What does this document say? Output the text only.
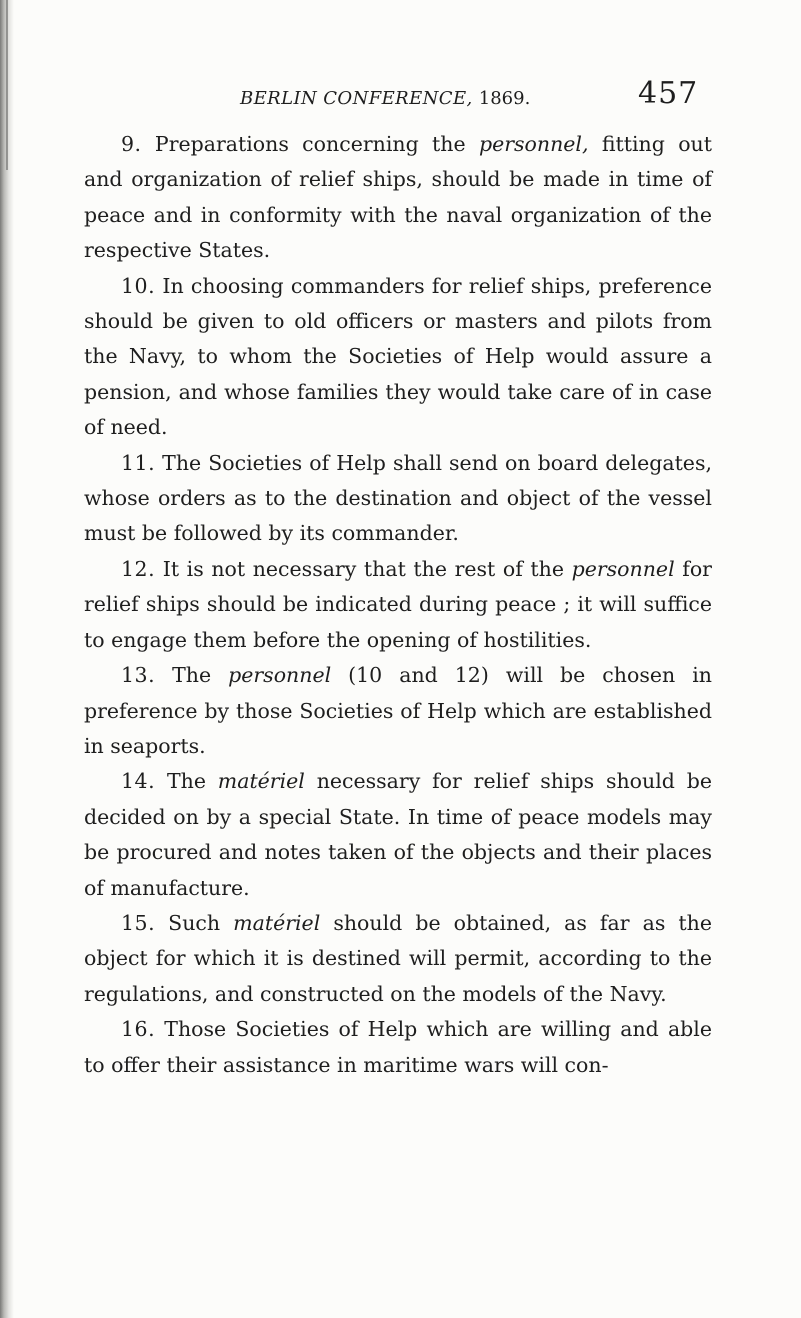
BERLIN CONFERENCE, 1869.	457

9. Preparations concerning the personnel, fitting out and organization of relief ships, should be made in time of peace and in conformity with the naval organization of the respective States.

10. In choosing commanders for relief ships, preference should be given to old officers or masters and pilots from the Navy, to whom the Societies of Help would assure a pension, and whose families they would take care of in case of need.

11. The Societies of Help shall send on board delegates, whose orders as to the destination and object of the vessel must be followed by its commander.

12. It is not necessary that the rest of the personnel for relief ships should be indicated during peace ; it will suffice to engage them before the opening of hostilities.

13. The personnel (10 and 12) will be chosen in preference by those Societies of Help which are established in seaports.

14. The matériel necessary for relief ships should be decided on by a special State. In time of peace models may be procured and notes taken of the objects and their places of manufacture.

15. Such matériel should be obtained, as far as the object for which it is destined will permit, according to the regulations, and constructed on the models of the Navy.

16. Those Societies of Help which are willing and able to offer their assistance in maritime wars will con-
